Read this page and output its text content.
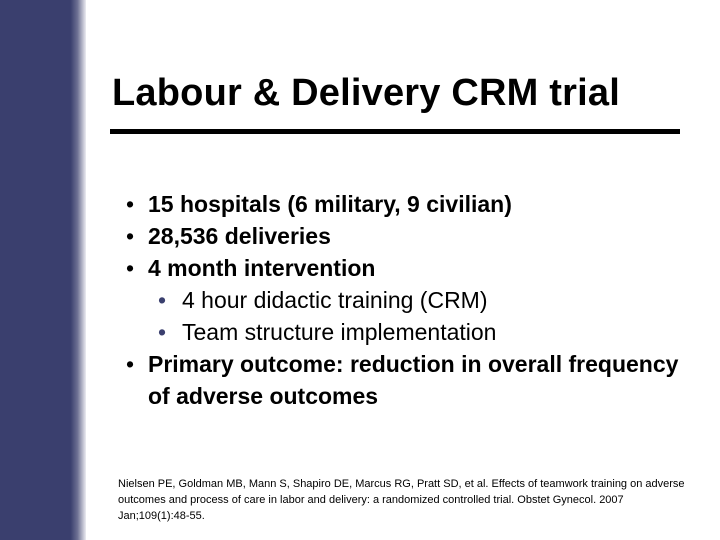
Labour & Delivery CRM trial
• 15 hospitals (6 military, 9 civilian)
• 28,536 deliveries
• 4 month intervention
• 4 hour didactic training (CRM)
• Team structure implementation
• Primary outcome: reduction in overall frequency of adverse outcomes
Nielsen PE, Goldman MB, Mann S, Shapiro DE, Marcus RG, Pratt SD, et al. Effects of teamwork training on adverse outcomes and process of care in labor and delivery: a randomized controlled trial. Obstet Gynecol. 2007 Jan;109(1):48-55.
